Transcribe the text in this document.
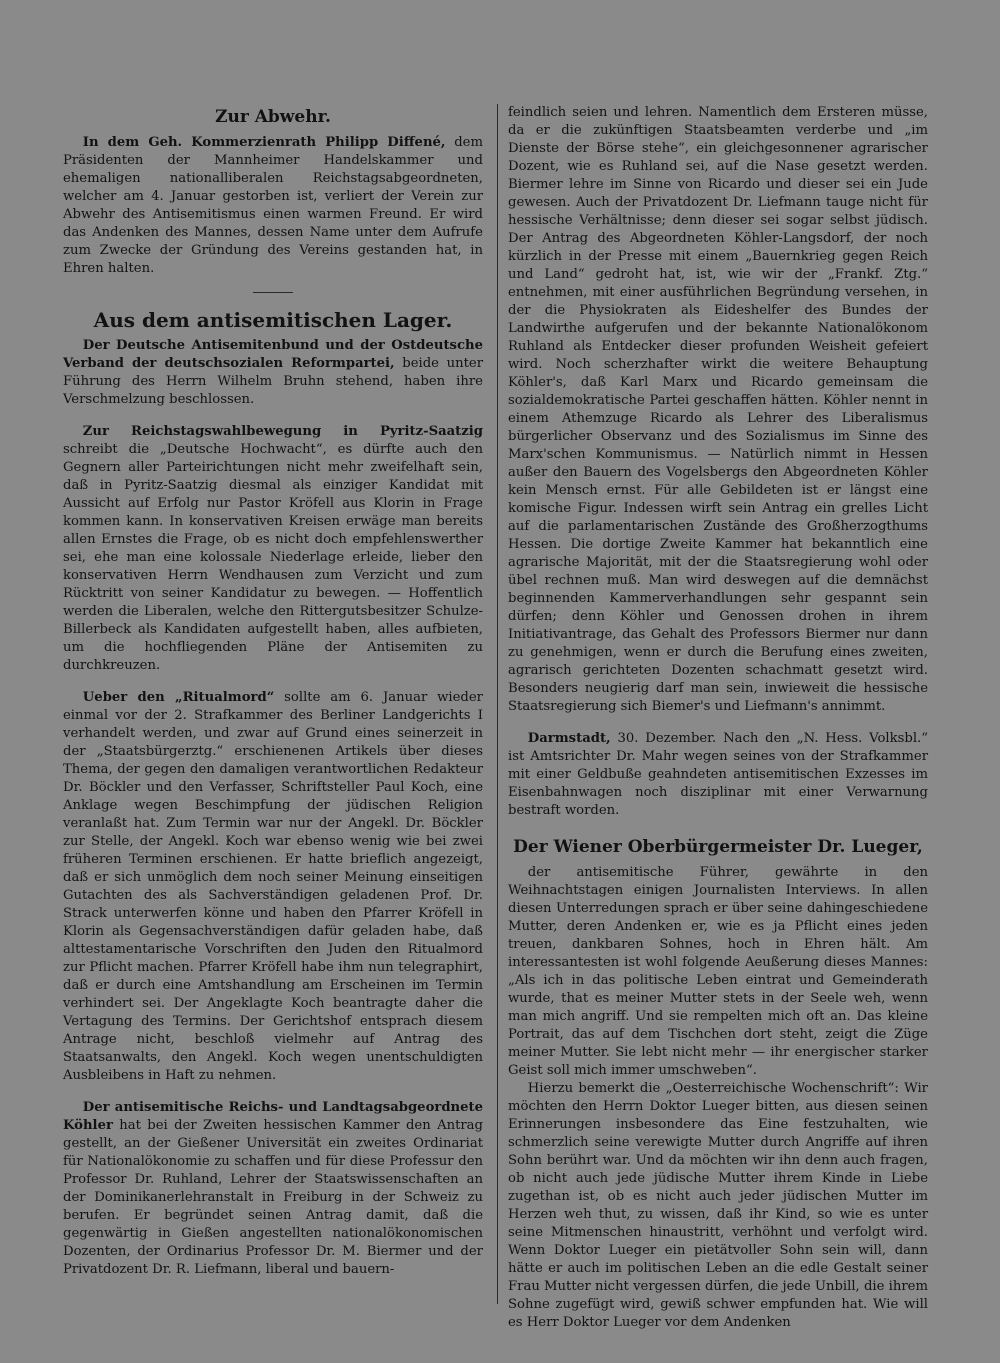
Zur Abwehr.

In dem Geh. Kommerzienrath Philipp Diffené, dem Präsidenten der Mannheimer Handelskammer und ehemaligen nationalliberalen Reichstagsabgeordneten, welcher am 4. Januar gestorben ist, verliert der Verein zur Abwehr des Antisemitismus einen warmen Freund. Er wird das Andenken des Mannes, dessen Name unter dem Aufrufe zum Zwecke der Gründung des Vereins gestanden hat, in Ehren halten.

Aus dem antisemitischen Lager.

Der Deutsche Antisemitenbund und der Ostdeutsche Verband der deutschsozialen Reformpartei, beide unter Führung des Herrn Wilhelm Bruhn stehend, haben ihre Verschmelzung beschlossen.

Zur Reichstagswahlbewegung in Pyritz-Saatzig schreibt die „Deutsche Hochwacht“, es dürfte auch den Gegnern aller Parteirichtungen nicht mehr zweifelhaft sein, daß in Pyritz-Saatzig diesmal als einziger Kandidat mit Aussicht auf Erfolg nur Pastor Kröfell aus Klorin in Frage kommen kann. In konservativen Kreisen erwäge man bereits allen Ernstes die Frage, ob es nicht doch empfehlenswerther sei, ehe man eine kolossale Niederlage erleide, lieber den konservativen Herrn Wendhausen zum Verzicht und zum Rücktritt von seiner Kandidatur zu bewegen. — Hoffentlich werden die Liberalen, welche den Rittergutsbesitzer Schulze-Billerbeck als Kandidaten aufgestellt haben, alles aufbieten, um die hochfliegenden Pläne der Antisemiten zu durchkreuzen.

Ueber den „Ritualmord“ sollte am 6. Januar wieder einmal vor der 2. Strafkammer des Berliner Landgerichts I verhandelt werden, und zwar auf Grund eines seinerzeit in der „Staatsbürgerztg.“ erschienenen Artikels über dieses Thema, der gegen den damaligen verantwortlichen Redakteur Dr. Böckler und den Verfasser, Schriftsteller Paul Koch, eine Anklage wegen Beschimpfung der jüdischen Religion veranlaßt hat. Zum Termin war nur der Angekl. Dr. Böckler zur Stelle, der Angekl. Koch war ebenso wenig wie bei zwei früheren Terminen erschienen. Er hatte brieflich angezeigt, daß er sich unmöglich dem noch seiner Meinung einseitigen Gutachten des als Sachverständigen geladenen Prof. Dr. Strack unterwerfen könne und haben den Pfarrer Kröfell in Klorin als Gegensachverständigen dafür geladen habe, daß alttestamentarische Vorschriften den Juden den Ritualmord zur Pflicht machen. Pfarrer Kröfell habe ihm nun telegraphirt, daß er durch eine Amtshandlung am Erscheinen im Termin verhindert sei. Der Angeklagte Koch beantragte daher die Vertagung des Termins. Der Gerichtshof entsprach diesem Antrage nicht, beschloß vielmehr auf Antrag des Staatsanwalts, den Angekl. Koch wegen unentschuldigten Ausbleibens in Haft zu nehmen.

Der antisemitische Reichs- und Landtagsabgeordnete Köhler hat bei der Zweiten hessischen Kammer den Antrag gestellt, an der Gießener Universität ein zweites Ordinariat für Nationalökonomie zu schaffen und für diese Professur den Professor Dr. Ruhland, Lehrer der Staatswissenschaften an der Dominikanerlehranstalt in Freiburg in der Schweiz zu berufen. Er begründet seinen Antrag damit, daß die gegenwärtig in Gießen angestellten nationalökonomischen Dozenten, der Ordinarius Professor Dr. M. Biermer und der Privatdozent Dr. R. Liefmann, liberal und bauern-

feindlich seien und lehren. Namentlich dem Ersteren müsse, da er die zukünftigen Staatsbeamten verderbe und „im Dienste der Börse stehe“, ein gleichgesonnener agrarischer Dozent, wie es Ruhland sei, auf die Nase gesetzt werden. Biermer lehre im Sinne von Ricardo und dieser sei ein Jude gewesen. Auch der Privatdozent Dr. Liefmann tauge nicht für hessische Verhältnisse; denn dieser sei sogar selbst jüdisch. Der Antrag des Abgeordneten Köhler-Langsdorf, der noch kürzlich in der Presse mit einem „Bauernkrieg gegen Reich und Land“ gedroht hat, ist, wie wir der „Frankf. Ztg.“ entnehmen, mit einer ausführlichen Begründung versehen, in der die Physiokraten als Eideshelfer des Bundes der Landwirthe aufgerufen und der bekannte Nationalökonom Ruhland als Entdecker dieser profunden Weisheit gefeiert wird. Noch scherzhafter wirkt die weitere Behauptung Köhler's, daß Karl Marx und Ricardo gemeinsam die sozialdemokratische Partei geschaffen hätten. Köhler nennt in einem Athemzuge Ricardo als Lehrer des Liberalismus bürgerlicher Observanz und des Sozialismus im Sinne des Marx'schen Kommunismus. — Natürlich nimmt in Hessen außer den Bauern des Vogelsbergs den Abgeordneten Köhler kein Mensch ernst. Für alle Gebildeten ist er längst eine komische Figur. Indessen wirft sein Antrag ein grelles Licht auf die parlamentarischen Zustände des Großherzogthums Hessen. Die dortige Zweite Kammer hat bekanntlich eine agrarische Majorität, mit der die Staatsregierung wohl oder übel rechnen muß. Man wird deswegen auf die demnächst beginnenden Kammerverhandlungen sehr gespannt sein dürfen; denn Köhler und Genossen drohen in ihrem Initiativantrage, das Gehalt des Professors Biermer nur dann zu genehmigen, wenn er durch die Berufung eines zweiten, agrarisch gerichteten Dozenten schachmatt gesetzt wird. Besonders neugierig darf man sein, inwieweit die hessische Staatsregierung sich Biemer's und Liefmann's annimmt.

Darmstadt, 30. Dezember. Nach den „N. Hess. Volksbl.“ ist Amtsrichter Dr. Mahr wegen seines von der Strafkammer mit einer Geldbuße geahndeten antisemitischen Exzesses im Eisenbahnwagen noch disziplinar mit einer Verwarnung bestraft worden.

Der Wiener Oberbürgermeister Dr. Lueger,

der antisemitische Führer, gewährte in den Weihnachtstagen einigen Journalisten Interviews. In allen diesen Unterredungen sprach er über seine dahingeschiedene Mutter, deren Andenken er, wie es ja Pflicht eines jeden treuen, dankbaren Sohnes, hoch in Ehren hält. Am interessantesten ist wohl folgende Aeußerung dieses Mannes: „Als ich in das politische Leben eintrat und Gemeinderath wurde, that es meiner Mutter stets in der Seele weh, wenn man mich angriff. Und sie rempelten mich oft an. Das kleine Portrait, das auf dem Tischchen dort steht, zeigt die Züge meiner Mutter. Sie lebt nicht mehr — ihr energischer starker Geist soll mich immer umschweben“.

Hierzu bemerkt die „Oesterreichische Wochenschrift“: Wir möchten den Herrn Doktor Lueger bitten, aus diesen seinen Erinnerungen insbesondere das Eine festzuhalten, wie schmerzlich seine verewigte Mutter durch Angriffe auf ihren Sohn berührt war. Und da möchten wir ihn denn auch fragen, ob nicht auch jede jüdische Mutter ihrem Kinde in Liebe zugethan ist, ob es nicht auch jeder jüdischen Mutter im Herzen weh thut, zu wissen, daß ihr Kind, so wie es unter seine Mitmenschen hinaustritt, verhöhnt und verfolgt wird. Wenn Doktor Lueger ein pietätvoller Sohn sein will, dann hätte er auch im politischen Leben an die edle Gestalt seiner Frau Mutter nicht vergessen dürfen, die jede Unbill, die ihrem Sohne zugefügt wird, gewiß schwer empfunden hat. Wie will es Herr Doktor Lueger vor dem Andenken
